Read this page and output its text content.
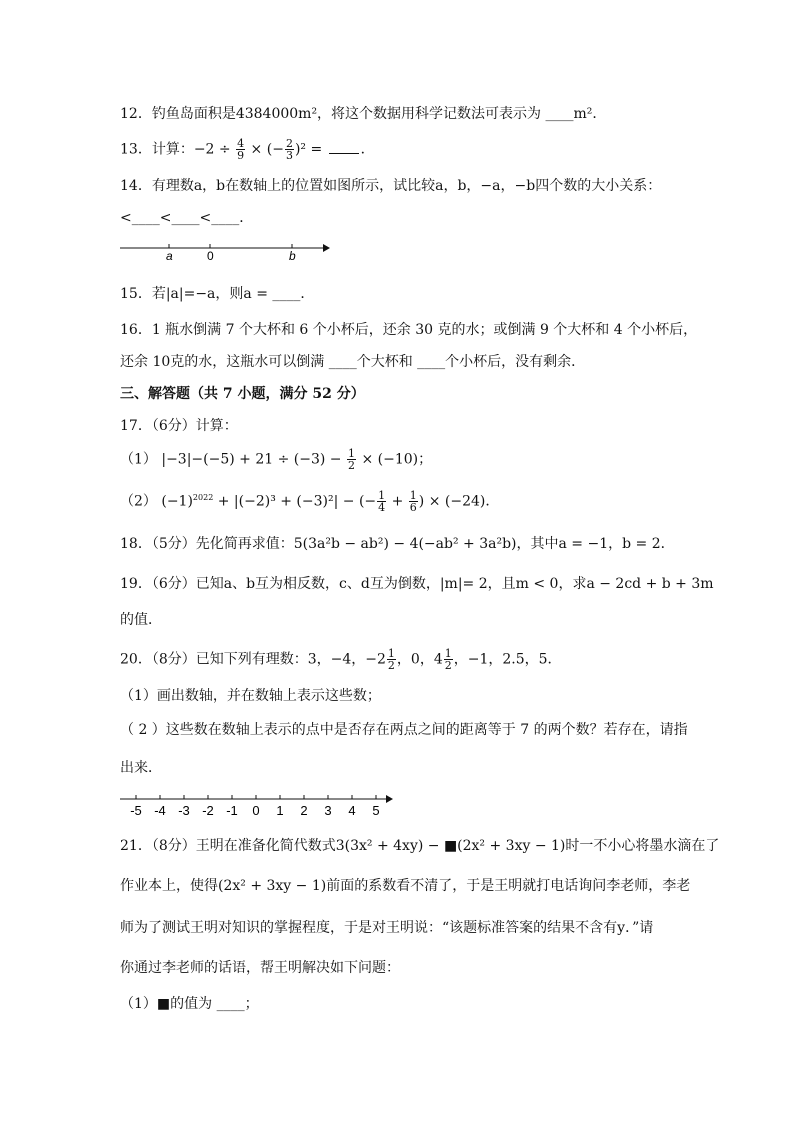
12．钓鱼岛面积是4384000m²，将这个数据用科学记数法可表示为 ____m²．
13．计算：$-2 \div \frac{4}{9}$ × (− $\frac{2}{3} )^2$ = ．
14．有理数a，b在数轴上的位置如图所示，试比较a，b，−a，−b四个数的大小关系：
<____<____<____．
a	0	b
15．若|a|=−a，则a = ____．
16．1 瓶水倒满 7 个大杯和 6 个小杯后，还余 30 克的水；或倒满 9 个大杯和 4 个小杯后，
还余 10克的水，这瓶水可以倒满 ____个大杯和 ____个小杯后，没有剩余．
三、解答题（共 7 小题，满分 52 分）
17．（6分）计算：
（1） $|-3|-(-5) + 21 \div (-3) - \frac{1}{2} \times (-10)$；
（2） $(-1)^{2022} + |(-2)^3 + (-3)^2|$ − (− $\frac{1}{4} + \frac{1}{6}$ ) × (−24)．
18．（5分）先化简再求值：5(3a²b − ab²) − 4(−ab² + 3a²b)，其中a = −1，b = 2．
19．（6分）已知a、b互为相反数，c、d互为倒数，|m|= 2，且m < 0，求a − 2cd + b + 3m
的值．
20．（8分）已知下列有理数：3，−4，$-2 \frac{1}{2}$ ，0，$4 \frac{1}{2}$ ，−1，2.5，5．
（1）画出数轴，并在数轴上表示这些数；
（ 2 ）这些数在数轴上表示的点中是否存在两点之间的距离等于 7 的两个数？若存在，请指
出来．
-5 -4 -3 -2 -1 0 1 2 3 4 5
21．（8分）王明在准备化简代数式3(3x² + 4xy) − ■(2x² + 3xy − 1)时一不小心将墨水滴在了
作业本上，使得(2x² + 3xy − 1)前面的系数看不清了，于是王明就打电话询问李老师，李老
师为了测试王明对知识的掌握程度，于是对王明说：“该题标准答案的结果不含有y．”请
你通过李老师的话语，帮王明解决如下问题：
（1）■的值为 ____；
